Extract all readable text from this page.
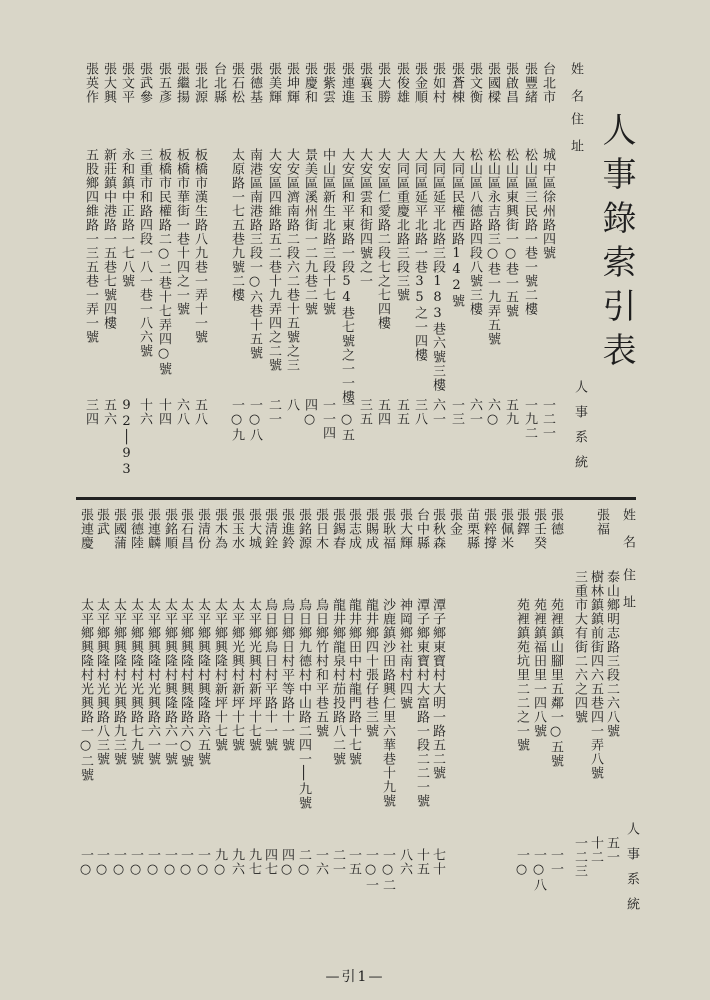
人事錄索引表
姓名
住址
人事系統
台北市
城中區徐州路四號
一二一
張豐緒
松山區三民路一巷一號二樓
一九二
張啟昌
松山區東興街一○巷一五號
五九
張國樑
松山區永吉路三○巷一九弄五號
六○
張文衡
松山區八德路四段八號三樓
六一
張蒼棟
大同區民權西路142號
一三
張如村
大同區延平北路三段183巷六號三樓
六一
張金順
大同區延平北路一巷35之一四樓
三八
張俊雄
大同區重慶北路三段三號
五五
張大勝
大安區仁愛路二段七之七四樓
五四
張襄玉
大安區雲和街四號之一
三五
張連進
大安區和平東路一段54巷七號之一一樓
一○五
張紫雲
中山區新生北路三段十七號
一一四
張慶和
景美區溪州街一二九巷二號
四○
張坤輝
大安區濟南路二段六二巷十五號之三
八
張美輝
大安區四維路五二巷十九弄四之二號
二一
張德基
南港區南港路三段一○六巷十五號
一○八
張石松
太原路一七五巷九號二樓
一○九
台北縣
張北源
板橋市漢生路八九巷一弄十一號
五八
張繼揚
板橋市華街一巷十四之一號
六八
張五彥
板橋市民權路二○二巷十七弄四○號
十四
張武參
三重市和路四段一八一巷一八六號
十六
張文平
永和鎮中正路一七八號
92│93
張大興
新莊鎮中港路一五巷七號四樓
五六
張英作
五股鄉四維路一三五巷一弄一號
三四
姓名
住址
人事系統
張福
泰山鄉明志路三段二六八號
樹林鎮鎮前街四六五巷四一弄八號
三重市大有街二六之四號
五一
十二
一二三
張德
苑裡鎮山腳里五鄰一○五號
一一
張壬癸
苑裡鎮福田里一四八號
一○八
張鐸
苑裡鎮苑坑里二二之一號
一○
張佩米
張粹撐
苗栗縣
張金
張秋森
潭子鄉東寶村大明一路五二號
七十
台中縣
潭子鄉東寶村大富路一段二二一號
十五
張大輝
神岡鄉社南村四號
八六
張耿福
沙鹿鎮沙田路興仁里六華巷十九號
一○二
張賜成
龍井鄉四十張仔巷三號
一○一
張志成
龍井鄉田中村龍門路十七號
一五
張錫春
龍井鄉龍泉村茄投路八二號
二一
張日木
烏日鄉竹村和平巷五號
一六
張銘源
烏日鄉九德村中山路二四一│九號
二○
張進鈴
烏日鄉日村平等路十一號
四○
張清銓
烏日鄉烏日村平路十一號
四七
張大城
太平鄉光興村新坪十七號
九七
張玉水
太平鄉光興村新坪十七號
九六
張木為
太平鄉興隆村新坪十七號
九○
張清份
太平鄉興隆村興隆路六五號
一○
張石昌
太平鄉興隆村興隆路六○號
一○
張銘順
太平鄉興隆村興隆路六一號
一○
張連麟
太平鄉興隆村光興路六一號
一○
張德陸
太平鄉興隆村光興路七九號
一○
張國蒲
太平鄉興隆村光興路九三號
一○
張武
太平鄉興隆村光興路八三號
一○
張連慶
太平鄉興隆村光興路一○二號
一○
—引1—
